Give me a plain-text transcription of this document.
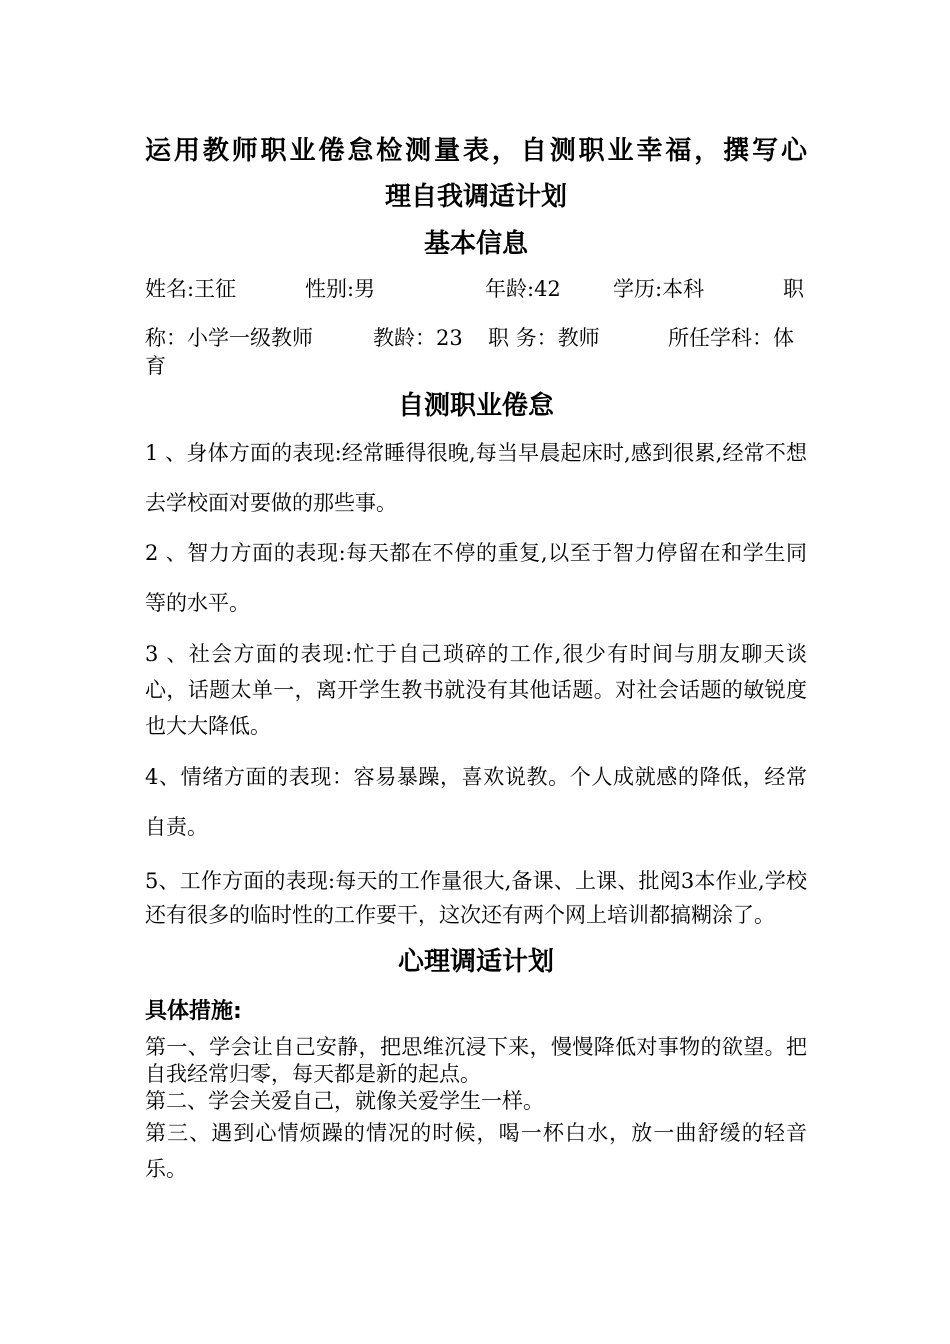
运用教师职业倦怠检测量表，自测职业幸福，撰写心
理自我调适计划
基本信息
姓名:王征	性别:男	年龄:42	学历:本科	职
称：小学一级教师	教龄：23	职 务：教师	所任学科：体
育
自测职业倦怠

1 、身体方面的表现:经常睡得很晚,每当早晨起床时,感到很累,经常不想去学校面对要做的那些事。

2 、智力方面的表现:每天都在不停的重复,以至于智力停留在和学生同等的水平。

3 、社会方面的表现:忙于自己琐碎的工作,很少有时间与朋友聊天谈心，话题太单一，离开学生教书就没有其他话题。对社会话题的敏锐度也大大降低。

4、情绪方面的表现：容易暴躁，喜欢说教。个人成就感的降低，经常自责。

5、工作方面的表现:每天的工作量很大,备课、上课、批阅3本作业,学校还有很多的临时性的工作要干，这次还有两个网上培训都搞糊涂了。

心理调适计划

具体措施:

第一、学会让自己安静，把思维沉浸下来，慢慢降低对事物的欲望。把自我经常归零，每天都是新的起点。

第二、学会关爱自己，就像关爱学生一样。

第三、遇到心情烦躁的情况的时候，喝一杯白水，放一曲舒缓的轻音乐。
